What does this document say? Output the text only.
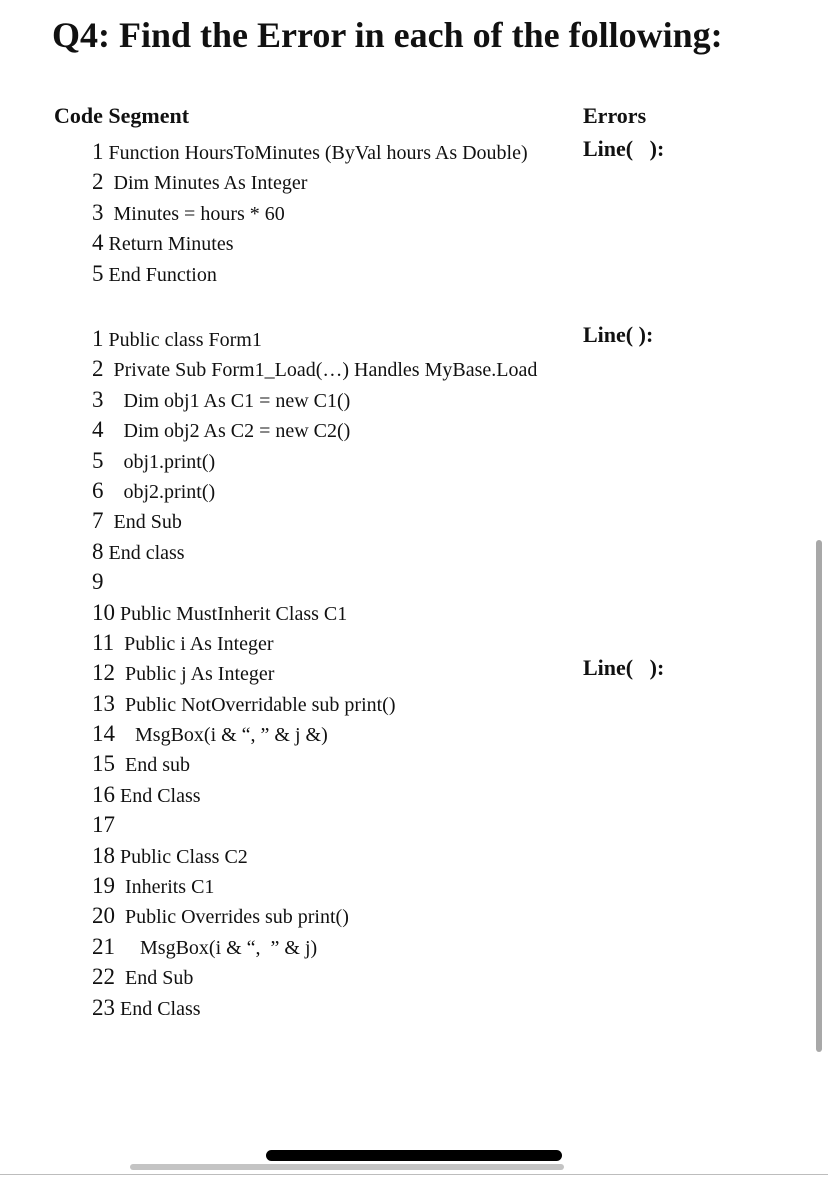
Q4: Find the Error in each of the following:
Code Segment	Errors
1 Function HoursToMinutes (ByVal hours As Double)
2  Dim Minutes As Integer
3  Minutes = hours * 60
4 Return Minutes
5 End Function
1 Public class Form1
2  Private Sub Form1_Load(…) Handles MyBase.Load
3    Dim obj1 As C1 = new C1()
4    Dim obj2 As C2 = new C2()
5    obj1.print()
6    obj2.print()
7  End Sub
8 End class
9
10 Public MustInherit Class C1
11  Public i As Integer
12  Public j As Integer
13  Public NotOverridable sub print()
14    MsgBox(i & “, ” & j &)
15  End sub
16 End Class
17
18 Public Class C2
19  Inherits C1
20  Public Overrides sub print()
21     MsgBox(i & “,  ” & j)
22  End Sub
23 End Class
Line(   ):
Line( ):
Line(   ):
